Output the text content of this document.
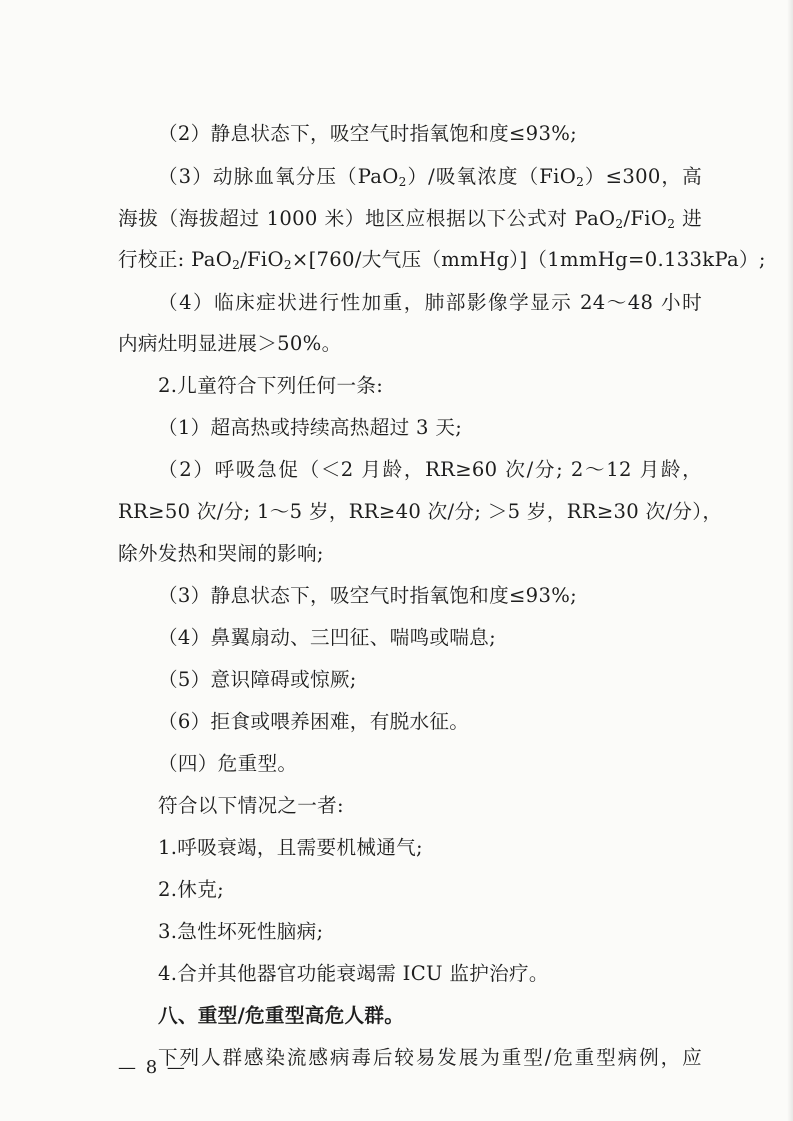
（2）静息状态下，吸空气时指氧饱和度≤93%;
（3）动脉血氧分压（PaO$_2$）/吸氧浓度（FiO$_2$）≤300，高
海拔（海拔超过 1000 米）地区应根据以下公式对 PaO$_2$/FiO$_2$ 进
行校正: PaO$_2$/FiO$_2$×[760/大气压（mmHg）]（1mmHg=0.133kPa）;
（4）临床症状进行性加重，肺部影像学显示 24～48 小时
内病灶明显进展＞50%。
2.儿童符合下列任何一条:
（1）超高热或持续高热超过 3 天;
（2）呼吸急促（＜2 月龄，RR≥60 次/分; 2～12 月龄，
RR≥50 次/分; 1～5 岁，RR≥40 次/分; ＞5 岁，RR≥30 次/分），
除外发热和哭闹的影响;
（3）静息状态下，吸空气时指氧饱和度≤93%;
（4）鼻翼扇动、三凹征、喘鸣或喘息;
（5）意识障碍或惊厥;
（6）拒食或喂养困难，有脱水征。
（四）危重型。
符合以下情况之一者:
1.呼吸衰竭，且需要机械通气;
2.休克;
3.急性坏死性脑病;
4.合并其他器官功能衰竭需 ICU 监护治疗。
八、重型/危重型高危人群。
下列人群感染流感病毒后较易发展为重型/危重型病例，应
— 8 —
